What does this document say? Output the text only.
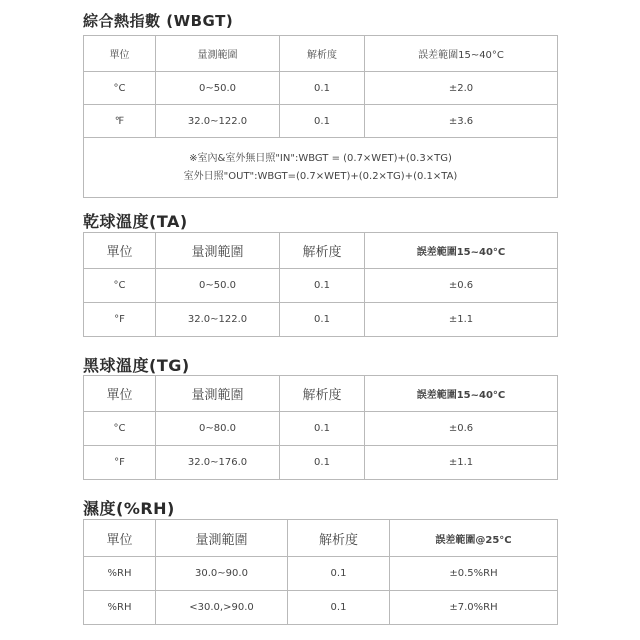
綜合熱指數 (WBGT)
單位	量測範圍	解析度	誤差範圍15~40°C
°C	0~50.0	0.1	±2.0
℉	32.0~122.0	0.1	±3.6

※室內&室外無日照"IN":WBGT = (0.7×WET)+(0.3×TG)
室外日照"OUT":WBGT=(0.7×WET)+(0.2×TG)+(0.1×TA)			
乾球溫度(TA)
單位	量測範圍	解析度	誤差範圍15~40°C
°C	0~50.0	0.1	±0.6
°F	32.0~122.0	0.1	±1.1
黑球溫度(TG)
單位	量測範圍	解析度	誤差範圍15~40°C
°C	0~80.0	0.1	±0.6
°F	32.0~176.0	0.1	±1.1
濕度(%RH)
單位	量測範圍	解析度	誤差範圍@25°C
%RH	30.0~90.0	0.1	±0.5%RH
%RH	<30.0,>90.0	0.1	±7.0%RH
